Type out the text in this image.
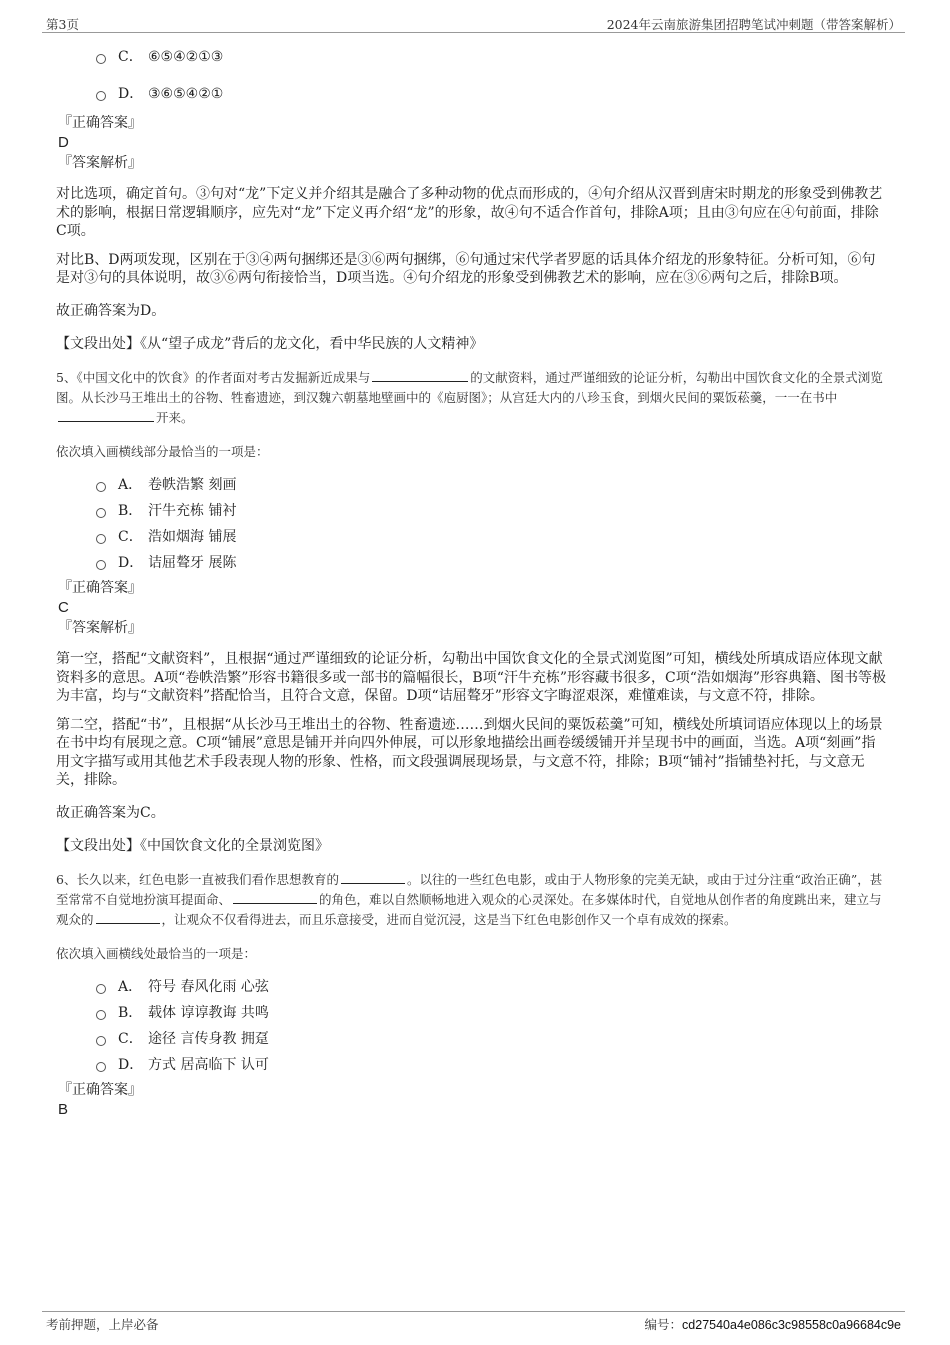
第3页	2024年云南旅游集团招聘笔试冲刺题（带答案解析）
C． ⑥⑤④②①③
D． ③⑥⑤④②①
『正确答案』
D
『答案解析』
对比选项，确定首句。③句对“龙”下定义并介绍其是融合了多种动物的优点而形成的，④句介绍从汉晋到唐宋时期龙的形象受到佛教艺术的影响，根据日常逻辑顺序，应先对“龙”下定义再介绍“龙”的形象，故④句不适合作首句，排除A项；且由③句应在④句前面，排除C项。
对比B、D两项发现，区别在于③④两句捆绑还是③⑥两句捆绑，⑥句通过宋代学者罗愿的话具体介绍龙的形象特征。分析可知，⑥句是对③句的具体说明，故③⑥两句衔接恰当，D项当选。④句介绍龙的形象受到佛教艺术的影响，应在③⑥两句之后，排除B项。
故正确答案为D。
【文段出处】《从“望子成龙”背后的龙文化，看中华民族的人文精神》
5、《中国文化中的饮食》的作者面对考古发掘新近成果与	的文献资料，通过严谨细致的论证分析，勾勒出中国饮食文化的全景式浏览图。从长沙马王堆出土的谷物、牲畜遗迹，到汉魏六朝墓地壁画中的《庖厨图》；从宫廷大内的八珍玉食，到烟火民间的粟饭菘羹，一一在书中开来。
依次填入画横线部分最恰当的一项是：
A． 卷帙浩繁 刻画
B． 汗牛充栋 铺衬
C． 浩如烟海 铺展
D． 诘屈聱牙 展陈
『正确答案』
C
『答案解析』
第一空，搭配“文献资料”，且根据“通过严谨细致的论证分析，勾勒出中国饮食文化的全景式浏览图”可知，横线处所填成语应体现文献资料多的意思。A项“卷帙浩繁”形容书籍很多或一部书的篇幅很长，B项“汗牛充栋”形容藏书很多，C项“浩如烟海”形容典籍、图书等极为丰富，均与“文献资料”搭配恰当，且符合文意，保留。D项“诘屈聱牙”形容文字晦涩艰深，难懂难读，与文意不符，排除。
第二空，搭配“书”，且根据“从长沙马王堆出土的谷物、牲畜遗迹……到烟火民间的粟饭菘羹”可知，横线处所填词语应体现以上的场景在书中均有展现之意。C项“铺展”意思是铺开并向四外伸展，可以形象地描绘出画卷缓缓铺开并呈现书中的画面，当选。A项“刻画”指用文字描写或用其他艺术手段表现人物的形象、性格，而文段强调展现场景，与文意不符，排除；B项“铺衬”指铺垫衬托，与文意无关，排除。
故正确答案为C。
【文段出处】《中国饮食文化的全景浏览图》
6、长久以来，红色电影一直被我们看作思想教育的	。以往的一些红色电影，或由于人物形象的完美无缺，或由于过分注重“政治正确”，甚至常常不自觉地扮演耳提面命、	的角色，难以自然顺畅地进入观众的心灵深处。在多媒体时代，自觉地从创作者的角度跳出来，建立与观众的	，让观众不仅看得进去，而且乐意接受，进而自觉沉浸，这是当下红色电影创作又一个卓有成效的探索。
依次填入画横线处最恰当的一项是：
A． 符号 春风化雨 心弦
B． 载体 谆谆教诲 共鸣
C． 途径 言传身教 拥趸
D． 方式 居高临下 认可
『正确答案』
B
考前押题，上岸必备	编号：cd27540a4e086c3c98558c0a96684c9e
